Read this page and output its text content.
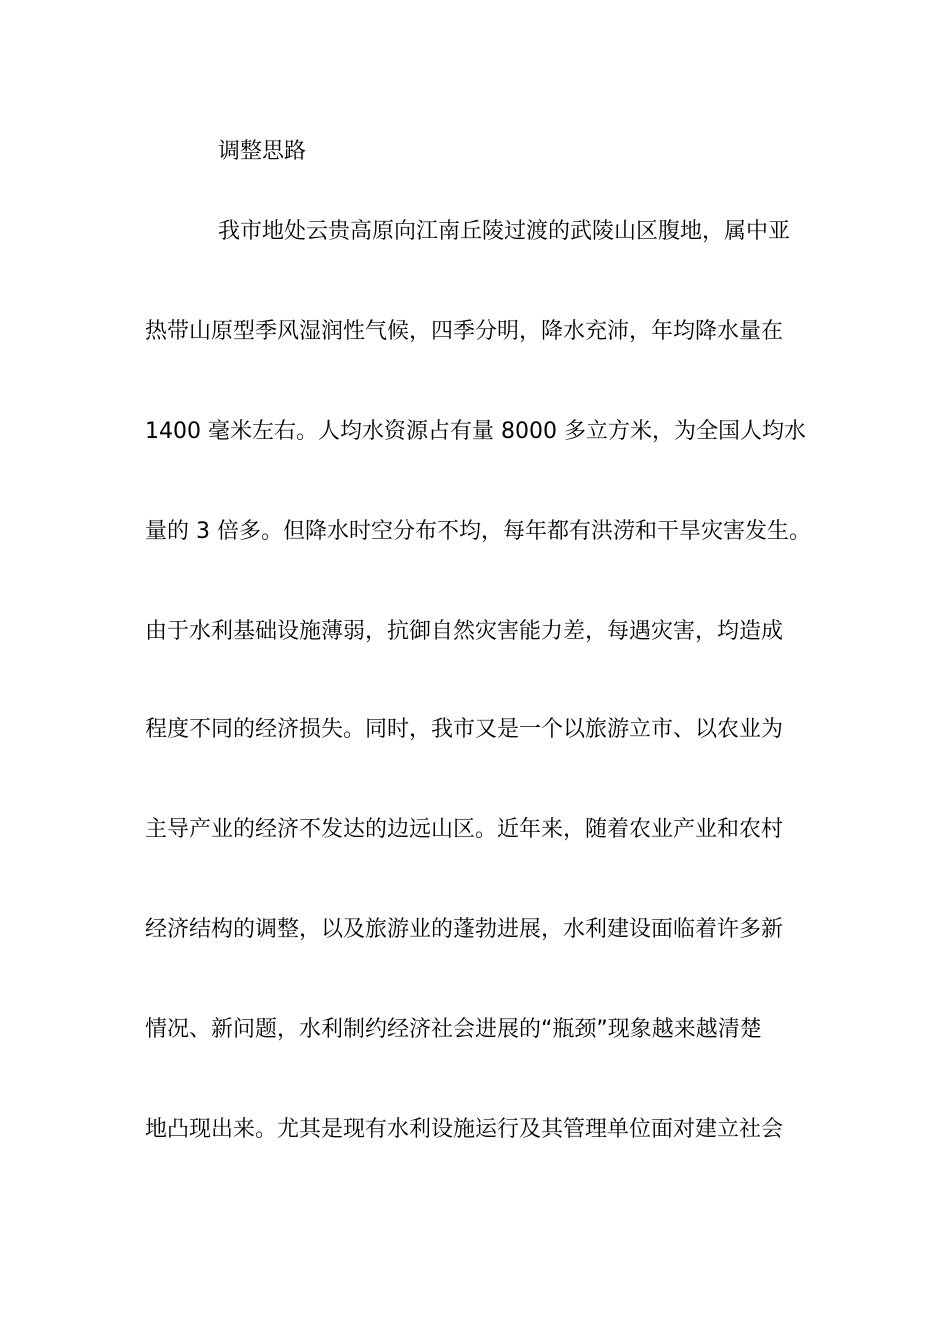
调整思路
我市地处云贵高原向江南丘陵过渡的武陵山区腹地，属中亚
热带山原型季风湿润性气候，四季分明，降水充沛，年均降水量在
1400 毫米左右。人均水资源占有量 8000 多立方米，为全国人均水
量的 3 倍多。但降水时空分布不均，每年都有洪涝和干旱灾害发生。
由于水利基础设施薄弱，抗御自然灾害能力差，每遇灾害，均造成
程度不同的经济损失。同时，我市又是一个以旅游立市、以农业为
主导产业的经济不发达的边远山区。近年来，随着农业产业和农村
经济结构的调整，以及旅游业的蓬勃进展，水利建设面临着许多新
情况、新问题，水利制约经济社会进展的“瓶颈”现象越来越清楚
地凸现出来。尤其是现有水利设施运行及其管理单位面对建立社会
